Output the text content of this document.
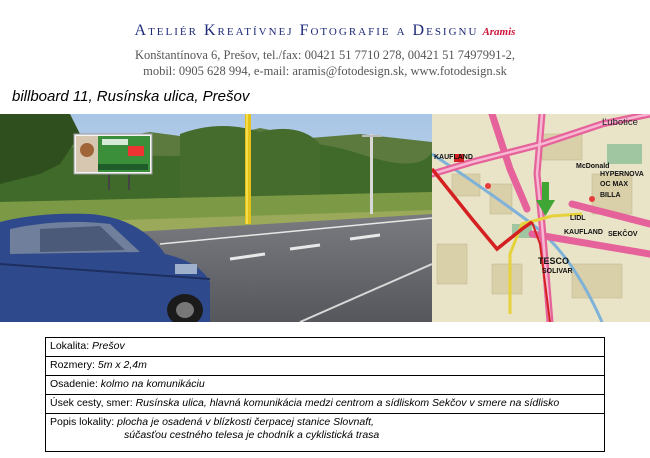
Ateliér Kreatívnej Fotografie a Designu Aramis
Konštantínova 6, Prešov, tel./fax: 00421 51 7710 278, 00421 51 7497991-2,
mobil: 0905 628 994, e-mail: aramis@fotodesign.sk, www.fotodesign.sk
billboard 11, Rusínska ulica, Prešov
Ľubotice
KAUFLAND
McDonald
HYPERNOVA
OC MAX
BILLA
LIDL
KAUFLAND SEKČOV
TESCO
SOLIVAR
Lokalita: Prešov
Rozmery: 5m x 2,4m
Osadenie: kolmo na komunikáciu
Úsek cesty, smer: Rusínska ulica, hlavná komunikácia medzi centrom a sídliskom Sekčov v smere na sídlisko
Popis lokality: plocha je osadená v blízkosti čerpacej stanice Slovnaft,
súčasťou cestného telesa je chodník a cyklistická trasa
